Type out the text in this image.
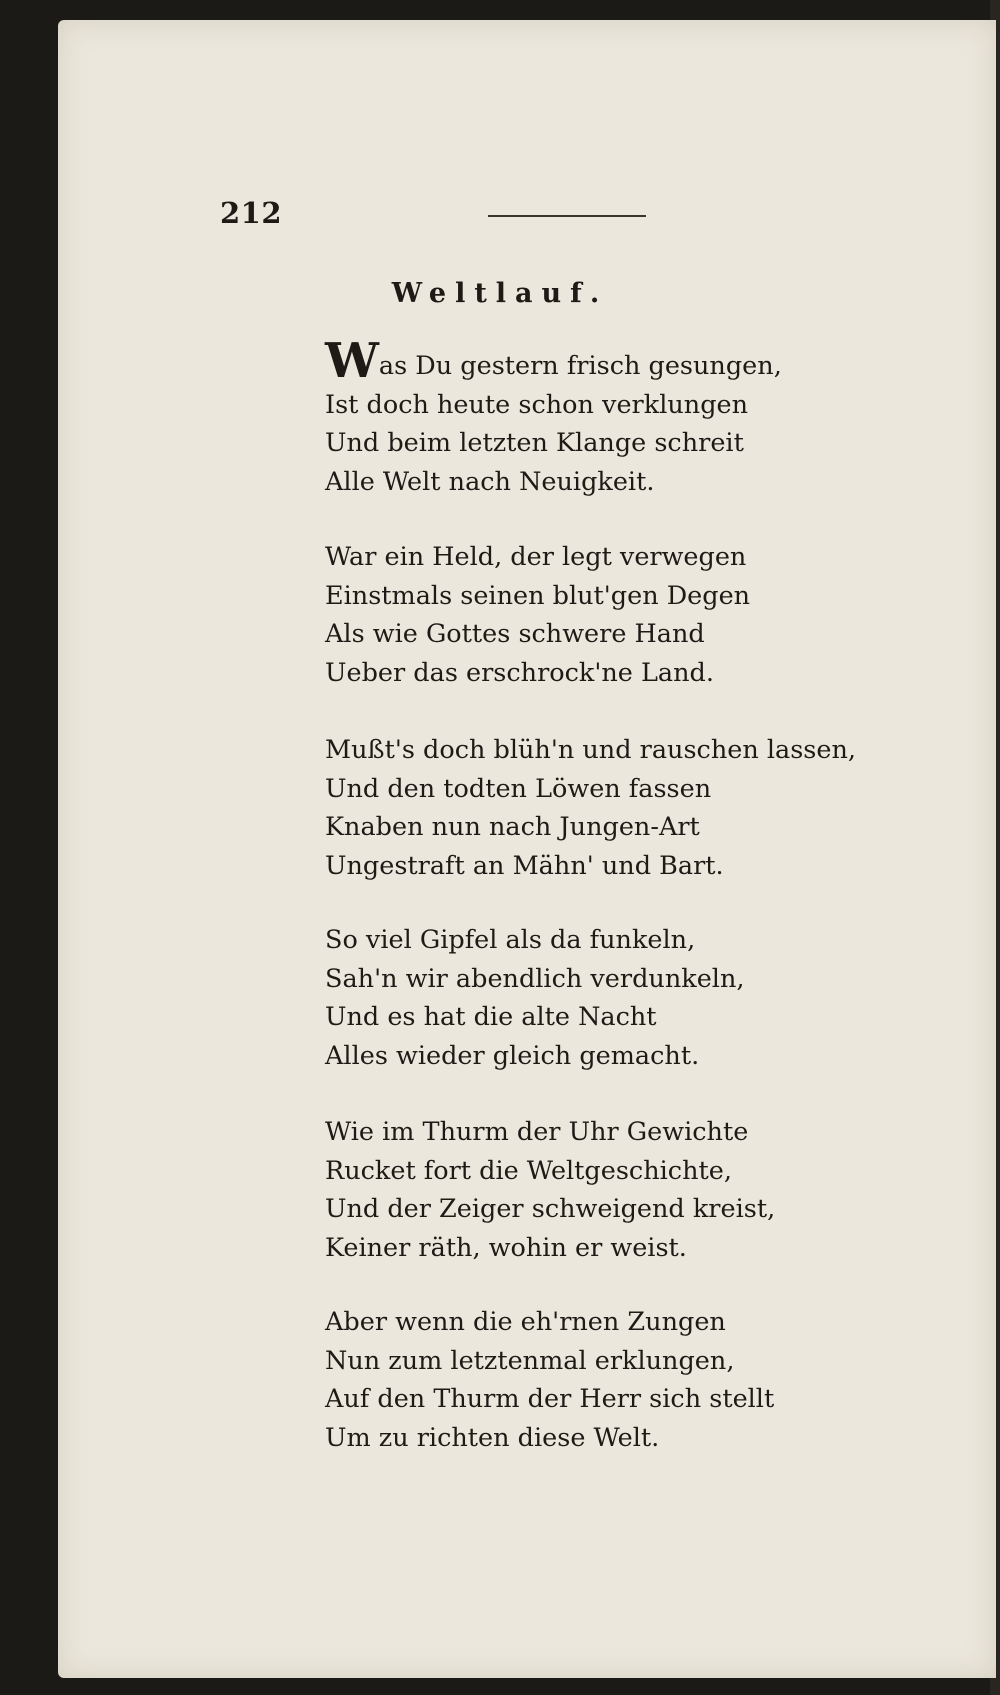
212
Weltlauf.
Was Du gestern frisch gesungen,
Ist doch heute schon verklungen
Und beim letzten Klange schreit
Alle Welt nach Neuigkeit.
War ein Held, der legt verwegen
Einstmals seinen blut'gen Degen
Als wie Gottes schwere Hand
Ueber das erschrock'ne Land.
Mußt's doch blüh'n und rauschen lassen,
Und den todten Löwen fassen
Knaben nun nach Jungen-Art
Ungestraft an Mähn' und Bart.
So viel Gipfel als da funkeln,
Sah'n wir abendlich verdunkeln,
Und es hat die alte Nacht
Alles wieder gleich gemacht.
Wie im Thurm der Uhr Gewichte
Rucket fort die Weltgeschichte,
Und der Zeiger schweigend kreist,
Keiner räth, wohin er weist.
Aber wenn die eh'rnen Zungen
Nun zum letztenmal erklungen,
Auf den Thurm der Herr sich stellt
Um zu richten diese Welt.
